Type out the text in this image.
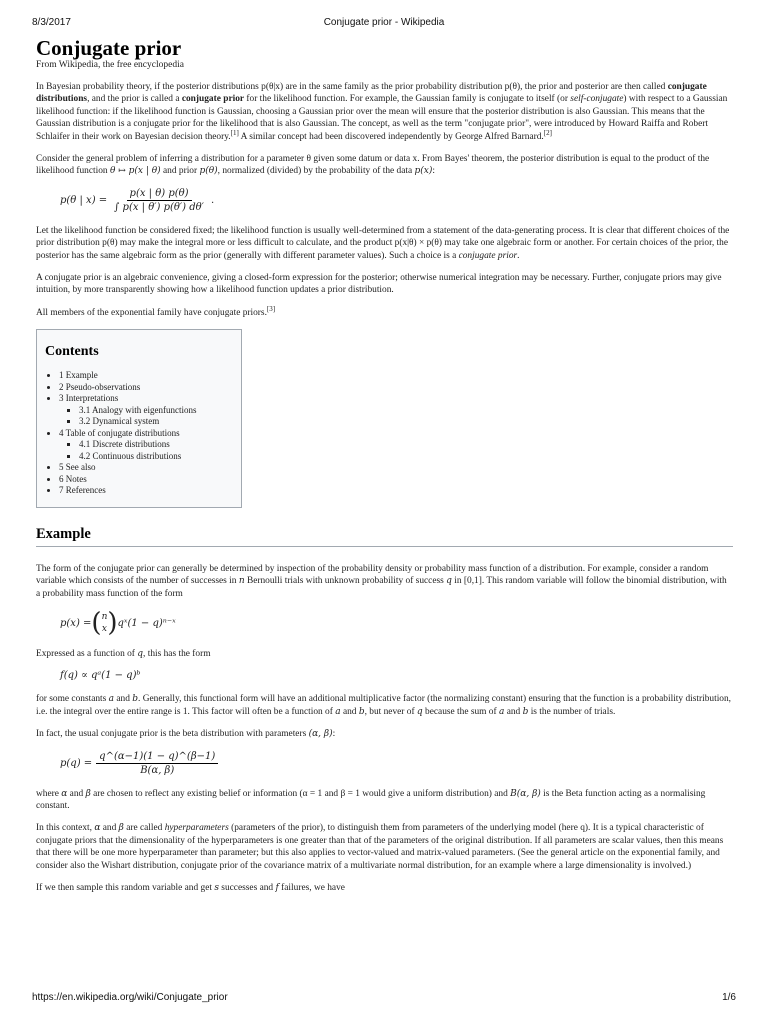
8/3/2017	Conjugate prior - Wikipedia
Conjugate prior
From Wikipedia, the free encyclopedia

In Bayesian probability theory, if the posterior distributions p(θ|x) are in the same family as the prior probability distribution p(θ), the prior and posterior are then called conjugate distributions, and the prior is called a conjugate prior for the likelihood function. For example, the Gaussian family is conjugate to itself (or self-conjugate) with respect to a Gaussian likelihood function: if the likelihood function is Gaussian, choosing a Gaussian prior over the mean will ensure that the posterior distribution is also Gaussian. This means that the Gaussian distribution is a conjugate prior for the likelihood that is also Gaussian. The concept, as well as the term "conjugate prior", were introduced by Howard Raiffa and Robert Schlaifer in their work on Bayesian decision theory.[1] A similar concept had been discovered independently by George Alfred Barnard.[2]

Consider the general problem of inferring a distribution for a parameter θ given some datum or data x. From Bayes' theorem, the posterior distribution is equal to the product of the likelihood function θ ↦ p(x | θ) and prior p(θ), normalized (divided) by the probability of the data p(x):

p(θ | $x) = \frac{p(x | \theta) p(\theta)}{\int p(x | \theta') p(\theta') d\theta'}$ .

Let the likelihood function be considered fixed; the likelihood function is usually well-determined from a statement of the data-generating process. It is clear that different choices of the prior distribution p(θ) may make the integral more or less difficult to calculate, and the product p(x|θ) × p(θ) may take one algebraic form or another. For certain choices of the prior, the posterior has the same algebraic form as the prior (generally with different parameter values). Such a choice is a conjugate prior.

A conjugate prior is an algebraic convenience, giving a closed-form expression for the posterior; otherwise numerical integration may be necessary. Further, conjugate priors may give intuition, by more transparently showing how a likelihood function updates a prior distribution.

All members of the exponential family have conjugate priors.[3]

Contents
• 1 Example
• 2 Pseudo-observations
• 3 Interpretations
▪ 3.1 Analogy with eigenfunctions
▪ 3.2 Dynamical system
• 4 Table of conjugate distributions
▪ 4.1 Discrete distributions
▪ 4.2 Continuous distributions
• 5 See also
• 6 Notes
• 7 References
Example

The form of the conjugate prior can generally be determined by inspection of the probability density or probability mass function of a distribution. For example, consider a random variable which consists of the number of successes in n Bernoulli trials with unknown probability of success q in [0,1]. This random variable will follow the binomial distribution, with a probability mass function of the form

p(x) = ( n
x ) qˣ(1 − q)ⁿ⁻ˣ

Expressed as a function of q, this has the form

f(q) ∝ qᵃ(1 − q)ᵇ

for some constants a and b. Generally, this functional form will have an additional multiplicative factor (the normalizing constant) ensuring that the function is a probability distribution, i.e. the integral over the entire range is 1. This factor will often be a function of a and b, but never of q because the sum of a and b is the number of trials.

In fact, the usual conjugate prior is the beta distribution with parameters (α, β):

$p(q) = \frac{q\^{}(\alpha-1)(1 - q)\^{}(\beta-1)}{B(\alpha, \beta)}$

where α and β are chosen to reflect any existing belief or information (α = 1 and β = 1 would give a uniform distribution) and B(α, β) is the Beta function acting as a normalising constant.

In this context, α and β are called hyperparameters (parameters of the prior), to distinguish them from parameters of the underlying model (here q). It is a typical characteristic of conjugate priors that the dimensionality of the hyperparameters is one greater than that of the parameters of the original distribution. If all parameters are scalar values, then this means that there will be one more hyperparameter than parameter; but this also applies to vector-valued and matrix-valued parameters. (See the general article on the exponential family, and consider also the Wishart distribution, conjugate prior of the covariance matrix of a multivariate normal distribution, for an example where a large dimensionality is involved.)

If we then sample this random variable and get s successes and f failures, we have

https://en.wikipedia.org/wiki/Conjugate_prior	1/6
